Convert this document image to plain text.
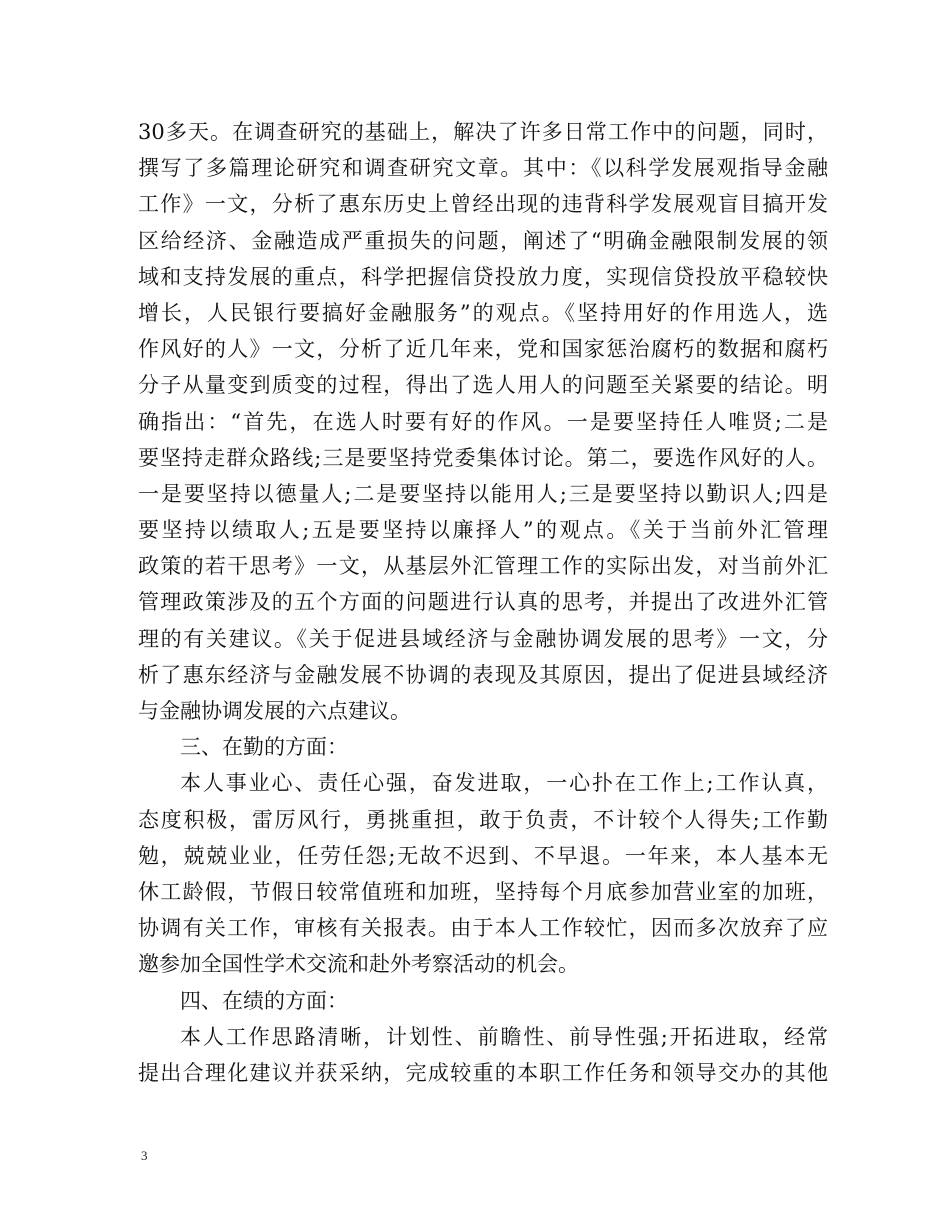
30多天。在调查研究的基础上，解决了许多日常工作中的问题，同时，
撰写了多篇理论研究和调查研究文章。其中：《以科学发展观指导金融
工作》一文，分析了惠东历史上曾经出现的违背科学发展观盲目搞开发
区给经济、金融造成严重损失的问题，阐述了“明确金融限制发展的领
域和支持发展的重点，科学把握信贷投放力度，实现信贷投放平稳较快
增长，人民银行要搞好金融服务”的观点。《坚持用好的作用选人，选
作风好的人》一文，分析了近几年来，党和国家惩治腐朽的数据和腐朽
分子从量变到质变的过程，得出了选人用人的问题至关紧要的结论。明
确指出：“首先，在选人时要有好的作风。一是要坚持任人唯贤;二是
要坚持走群众路线;三是要坚持党委集体讨论。第二，要选作风好的人。
一是要坚持以德量人;二是要坚持以能用人;三是要坚持以勤识人;四是
要坚持以绩取人;五是要坚持以廉择人”的观点。《关于当前外汇管理
政策的若干思考》一文，从基层外汇管理工作的实际出发，对当前外汇
管理政策涉及的五个方面的问题进行认真的思考，并提出了改进外汇管
理的有关建议。《关于促进县域经济与金融协调发展的思考》一文，分
析了惠东经济与金融发展不协调的表现及其原因，提出了促进县域经济
与金融协调发展的六点建议。
三、在勤的方面：
本人事业心、责任心强，奋发进取，一心扑在工作上;工作认真，
态度积极，雷厉风行，勇挑重担，敢于负责，不计较个人得失;工作勤
勉，兢兢业业，任劳任怨;无故不迟到、不早退。一年来，本人基本无
休工龄假，节假日较常值班和加班，坚持每个月底参加营业室的加班，
协调有关工作，审核有关报表。由于本人工作较忙，因而多次放弃了应
邀参加全国性学术交流和赴外考察活动的机会。
四、在绩的方面：
本人工作思路清晰，计划性、前瞻性、前导性强;开拓进取，经常
提出合理化建议并获采纳，完成较重的本职工作任务和领导交办的其他
3
